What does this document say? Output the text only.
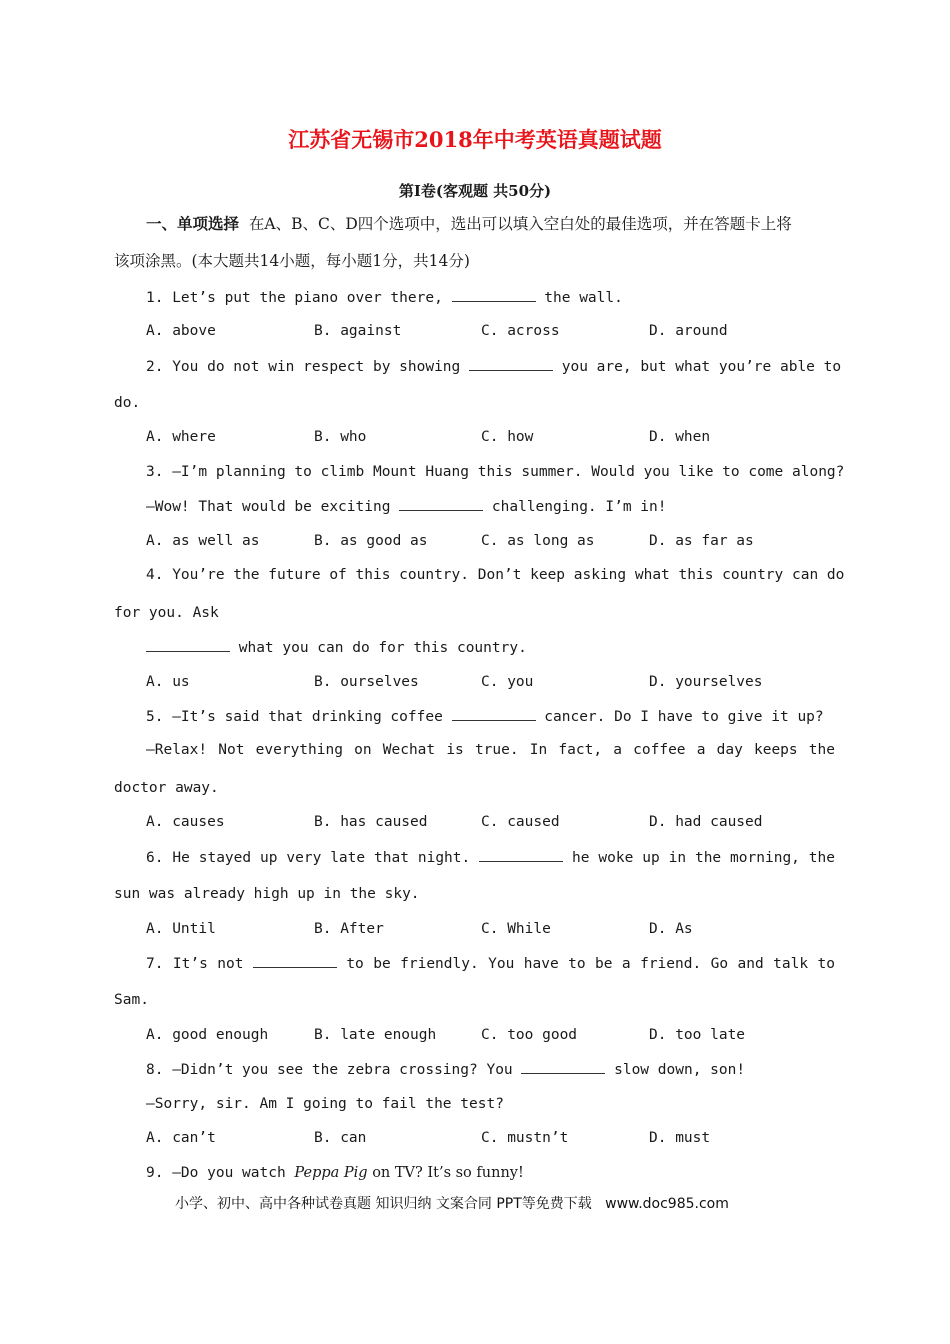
江苏省无锡市2018年中考英语真题试题
第Ⅰ卷(客观题 共50分)
一、单项选择 在A、B、C、D四个选项中，选出可以填入空白处的最佳选项，并在答题卡上将
该项涂黑。(本大题共14小题，每小题1分，共14分)
1. Let’s put the piano over there,	the wall.
A. above	B. against	C. across	D. around
2. You do not win respect by showing	you are, but what you’re able to
do.
A. where	B. who	C. how	D. when
3. —I’m planning to climb Mount Huang this summer. Would you like to come along?
—Wow! That would be exciting	challenging. I’m in!
A. as well as	B. as good as	C. as long as	D. as far as
4. You’re the future of this country. Don’t keep asking what this country can do
for you. Ask
what you can do for this country.
A. us	B. ourselves	C. you	D. yourselves
5. —It’s said that drinking coffee	cancer. Do I have to give it up?
—Relax! Not everything on Wechat is true. In fact, a coffee a day keeps the
doctor away.
A. causes	B. has caused	C. caused	D. had caused
6. He stayed up very late that night.	he woke up in the morning, the
sun was already high up in the sky.
A. Until	B. After	C. While	D. As
7. It’s not	to be friendly. You have to be a friend. Go and talk to
Sam.
A. good enough	B. late enough	C. too good	D. too late
8. —Didn’t you see the zebra crossing? You	slow down, son!
—Sorry, sir. Am I going to fail the test?
A. can’t	B. can	C. mustn’t	D. must
9. —Do you watch Peppa Pig on TV? It’s so funny!
小学、初中、高中各种试卷真题 知识归纳 文案合同 PPT等免费下载   www.doc985.com
